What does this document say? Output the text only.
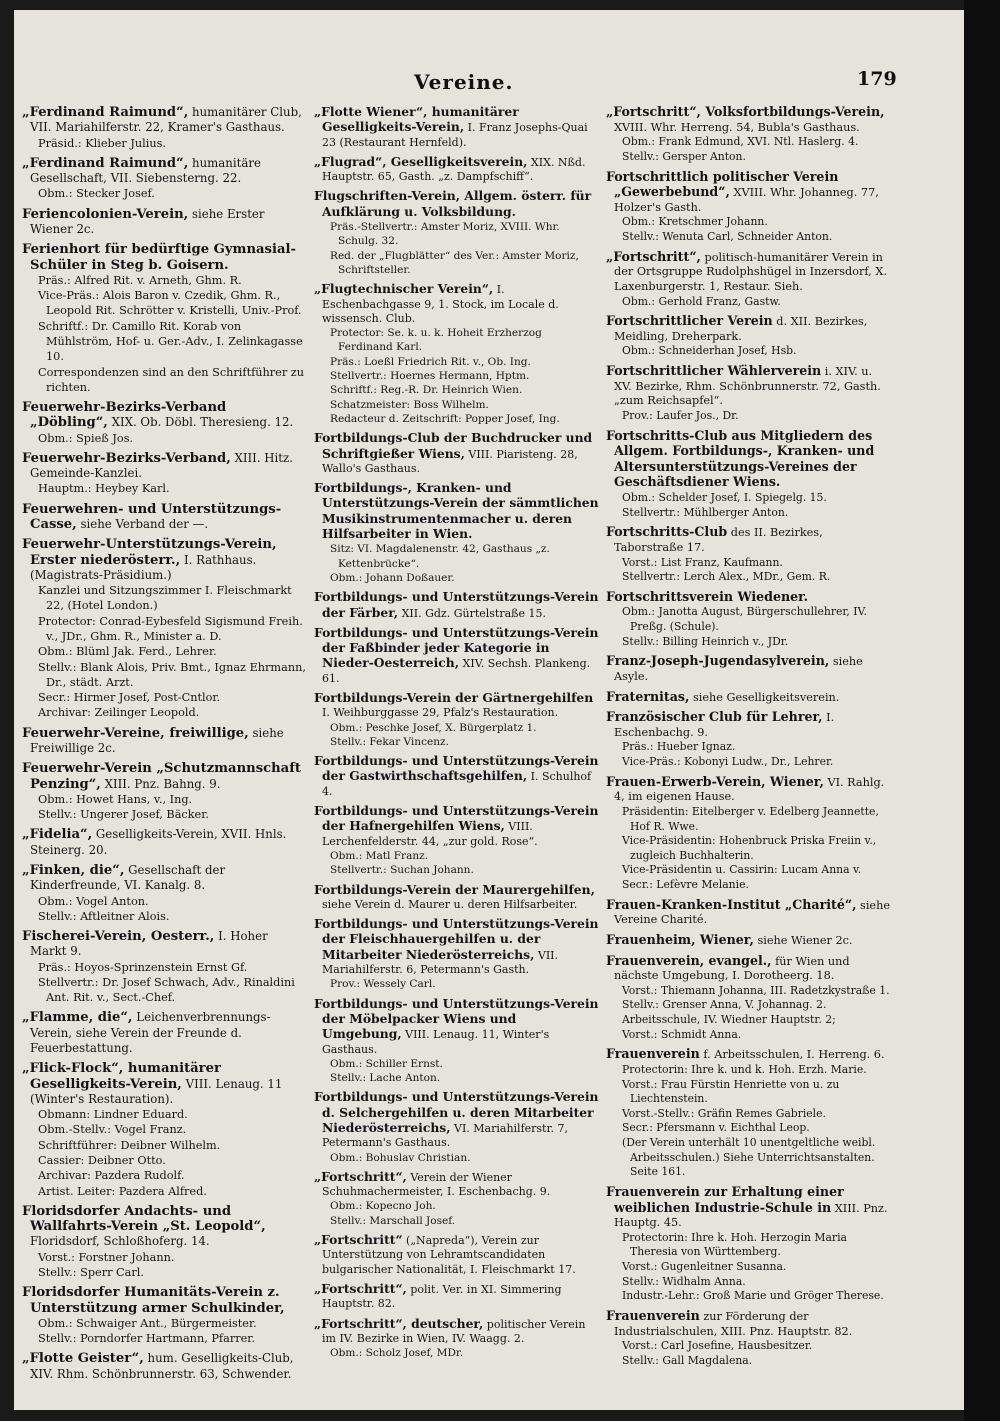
Vereine.	179
„Ferdinand Raimund“, humanitärer Club, VII. Mariahilferstr. 22, Kramer's Gasthaus.
Präsid.: Klieber Julius.
„Ferdinand Raimund“, humanitäre Gesellschaft, VII. Siebensterng. 22.
Obm.: Stecker Josef.
Feriencolonien-Verein, siehe Erster Wiener 2c.
Ferienhort für bedürftige Gymnasial-Schüler in Steg b. Goisern.
Präs.: Alfred Rit. v. Arneth, Ghm. R.
Vice-Präs.: Alois Baron v. Czedik, Ghm. R., Leopold Rit. Schrötter v. Kristelli, Univ.-Prof.
Schriftf.: Dr. Camillo Rit. Korab von Mühlström, Hof- u. Ger.-Adv., I. Zelinkagasse 10.
Correspondenzen sind an den Schriftführer zu richten.
Feuerwehr-Bezirks-Verband „Döbling“, XIX. Ob. Döbl. Theresieng. 12.
Obm.: Spieß Jos.
Feuerwehr-Bezirks-Verband, XIII. Hitz. Gemeinde-Kanzlei.
Hauptm.: Heybey Karl.
Feuerwehren- und Unterstützungs-Casse, siehe Verband der —.
Feuerwehr-Unterstützungs-Verein, Erster niederösterr., I. Rathhaus. (Magistrats-Präsidium.)
Kanzlei und Sitzungszimmer I. Fleischmarkt 22, (Hotel London.)
Protector: Conrad-Eybesfeld Sigismund Freih. v., JDr., Ghm. R., Minister a. D.
Obm.: Blüml Jak. Ferd., Lehrer.
Stellv.: Blank Alois, Priv. Bmt., Ignaz Ehrmann, Dr., städt. Arzt.
Secr.: Hirmer Josef, Post-Cntlor.
Archivar: Zeilinger Leopold.
Feuerwehr-Vereine, freiwillige, siehe Freiwillige 2c.
Feuerwehr-Verein „Schutzmannschaft Penzing“, XIII. Pnz. Bahng. 9.
Obm.: Howet Hans, v., Ing.
Stellv.: Ungerer Josef, Bäcker.
„Fidelia“, Geselligkeits-Verein, XVII. Hnls. Steinerg. 20.
„Finken, die“, Gesellschaft der Kinderfreunde, VI. Kanalg. 8.
Obm.: Vogel Anton.
Stellv.: Aftleitner Alois.
Fischerei-Verein, Oesterr., I. Hoher Markt 9.
Präs.: Hoyos-Sprinzenstein Ernst Gf.
Stellvertr.: Dr. Josef Schwach, Adv., Rinaldini Ant. Rit. v., Sect.-Chef.
„Flamme, die“, Leichenverbrennungs-Verein, siehe Verein der Freunde d. Feuerbestattung.
„Flick-Flock“, humanitärer Geselligkeits-Verein, VIII. Lenaug. 11 (Winter's Restauration).
Obmann: Lindner Eduard.
Obm.-Stellv.: Vogel Franz.
Schriftführer: Deibner Wilhelm.
Cassier: Deibner Otto.
Archivar: Pazdera Rudolf.
Artist. Leiter: Pazdera Alfred.
Floridsdorfer Andachts- und Wallfahrts-Verein „St. Leopold“, Floridsdorf, Schloßhoferg. 14.
Vorst.: Forstner Johann.
Stellv.: Sperr Carl.
Floridsdorfer Humanitäts-Verein z. Unterstützung armer Schulkinder,
Obm.: Schwaiger Ant., Bürgermeister.
Stellv.: Porndorfer Hartmann, Pfarrer.
„Flotte Geister“, hum. Geselligkeits-Club, XIV. Rhm. Schönbrunnerstr. 63, Schwender.
„Flotte Wiener“, humanitärer Geselligkeits-Verein, I. Franz Josephs-Quai 23 (Restaurant Hernfeld).
„Flugrad“, Geselligkeitsverein, XIX. Nßd. Hauptstr. 65, Gasth. „z. Dampfschiff“.
Flugschriften-Verein, Allgem. österr. für Aufklärung u. Volksbildung.
Präs.-Stellvertr.: Amster Moriz, XVIII. Whr. Schulg. 32.
Red. der „Flugblätter“ des Ver.: Amster Moriz, Schriftsteller.
„Flugtechnischer Verein“, I. Eschenbachgasse 9, 1. Stock, im Locale d. wissensch. Club.
Protector: Se. k. u. k. Hoheit Erzherzog Ferdinand Karl.
Präs.: Loeßl Friedrich Rit. v., Ob. Ing.
Stellvertr.: Hoernes Hermann, Hptm.
Schriftf.: Reg.-R. Dr. Heinrich Wien.
Schatzmeister: Boss Wilhelm.
Redacteur d. Zeitschrift: Popper Josef, Ing.
Fortbildungs-Club der Buchdrucker und Schriftgießer Wiens, VIII. Piaristeng. 28, Wallo's Gasthaus.
Fortbildungs-, Kranken- und Unterstützungs-Verein der sämmtlichen Musikinstrumentenmacher u. deren Hilfsarbeiter in Wien.
Sitz: VI. Magdalenenstr. 42, Gasthaus „z. Kettenbrücke“.
Obm.: Johann Doßauer.
Fortbildungs- und Unterstützungs-Verein der Färber, XII. Gdz. Gürtelstraße 15.
Fortbildungs- und Unterstützungs-Verein der Faßbinder jeder Kategorie in Nieder-Oesterreich, XIV. Sechsh. Plankeng. 61.
Fortbildungs-Verein der Gärtnergehilfen I. Weihburggasse 29, Pfalz's Restauration.
Obm.: Peschke Josef, X. Bürgerplatz 1.
Stellv.: Fekar Vincenz.
Fortbildungs- und Unterstützungs-Verein der Gastwirthschaftsgehilfen, I. Schulhof 4.
Fortbildungs- und Unterstützungs-Verein der Hafnergehilfen Wiens, VIII. Lerchenfelderstr. 44, „zur gold. Rose“.
Obm.: Matl Franz.
Stellvertr.: Suchan Johann.
Fortbildungs-Verein der Maurergehilfen, siehe Verein d. Maurer u. deren Hilfsarbeiter.
Fortbildungs- und Unterstützungs-Verein der Fleischhauergehilfen u. der Mitarbeiter Niederösterreichs, VII. Mariahilferstr. 6, Petermann's Gasth.
Prov.: Wessely Carl.
Fortbildungs- und Unterstützungs-Verein der Möbelpacker Wiens und Umgebung, VIII. Lenaug. 11, Winter's Gasthaus.
Obm.: Schiller Ernst.
Stellv.: Lache Anton.
Fortbildungs- und Unterstützungs-Verein d. Selchergehilfen u. deren Mitarbeiter Niederösterreichs, VI. Mariahilferstr. 7, Petermann's Gasthaus.
Obm.: Bohuslav Christian.
„Fortschritt“, Verein der Wiener Schuhmachermeister, I. Eschenbachg. 9.
Obm.: Kopecno Joh.
Stellv.: Marschall Josef.
„Fortschritt“ („Napreda“), Verein zur Unterstützung von Lehramtscandidaten bulgarischer Nationalität, I. Fleischmarkt 17.
„Fortschritt“, polit. Ver. in XI. Simmering Hauptstr. 82.
„Fortschritt“, deutscher, politischer Verein im IV. Bezirke in Wien, IV. Waagg. 2.
Obm.: Scholz Josef, MDr.
„Fortschritt“, Volksfortbildungs-Verein, XVIII. Whr. Herreng. 54, Bubla's Gasthaus.
Obm.: Frank Edmund, XVI. Ntl. Haslerg. 4.
Stellv.: Gersper Anton.
Fortschrittlich politischer Verein „Gewerbebund“, XVIII. Whr. Johanneg. 77, Holzer's Gasth.
Obm.: Kretschmer Johann.
Stellv.: Wenuta Carl, Schneider Anton.
„Fortschritt“, politisch-humanitärer Verein in der Ortsgruppe Rudolphshügel in Inzersdorf, X. Laxenburgerstr. 1, Restaur. Sieh.
Obm.: Gerhold Franz, Gastw.
Fortschrittlicher Verein d. XII. Bezirkes, Meidling, Dreherpark.
Obm.: Schneiderhan Josef, Hsb.
Fortschrittlicher Wählerverein i. XIV. u. XV. Bezirke, Rhm. Schönbrunnerstr. 72, Gasth. „zum Reichsapfel“.
Prov.: Laufer Jos., Dr.
Fortschritts-Club aus Mitgliedern des Allgem. Fortbildungs-, Kranken- und Altersunterstützungs-Vereines der Geschäftsdiener Wiens.
Obm.: Schelder Josef, I. Spiegelg. 15.
Stellvertr.: Mühlberger Anton.
Fortschritts-Club des II. Bezirkes, Taborstraße 17.
Vorst.: List Franz, Kaufmann.
Stellvertr.: Lerch Alex., MDr., Gem. R.
Fortschrittsverein Wiedener.
Obm.: Janotta August, Bürgerschullehrer, IV. Preßg. (Schule).
Stellv.: Billing Heinrich v., JDr.
Franz-Joseph-Jugendasylverein, siehe Asyle.
Fraternitas, siehe Geselligkeitsverein.
Französischer Club für Lehrer, I. Eschenbachg. 9.
Präs.: Hueber Ignaz.
Vice-Präs.: Kobonyi Ludw., Dr., Lehrer.
Frauen-Erwerb-Verein, Wiener, VI. Rahlg. 4, im eigenen Hause.
Präsidentin: Eitelberger v. Edelberg Jeannette, Hof R. Wwe.
Vice-Präsidentin: Hohenbruck Priska Freiin v., zugleich Buchhalterin.
Vice-Präsidentin u. Cassirin: Lucam Anna v.
Secr.: Lefèvre Melanie.
Frauen-Kranken-Institut „Charité“, siehe Vereine Charité.
Frauenheim, Wiener, siehe Wiener 2c.
Frauenverein, evangel., für Wien und nächste Umgebung, I. Dorotheerg. 18.
Vorst.: Thiemann Johanna, III. Radetzkystraße 1.
Stellv.: Grenser Anna, V. Johannag. 2.
Arbeitsschule, IV. Wiedner Hauptstr. 2;
Vorst.: Schmidt Anna.
Frauenverein f. Arbeitsschulen, I. Herreng. 6.
Protectorin: Ihre k. und k. Hoh. Erzh. Marie.
Vorst.: Frau Fürstin Henriette von u. zu Liechtenstein.
Vorst.-Stellv.: Gräfin Remes Gabriele.
Secr.: Pfersmann v. Eichthal Leop.
(Der Verein unterhält 10 unentgeltliche weibl. Arbeitsschulen.) Siehe Unterrichtsanstalten. Seite 161.
Frauenverein zur Erhaltung einer weiblichen Industrie-Schule in XIII. Pnz. Hauptg. 45.
Protectorin: Ihre k. Hoh. Herzogin Maria Theresia von Württemberg.
Vorst.: Gugenleitner Susanna.
Stellv.: Widhalm Anna.
Industr.-Lehr.: Groß Marie und Gröger Therese.
Frauenverein zur Förderung der Industrialschulen, XIII. Pnz. Hauptstr. 82.
Vorst.: Carl Josefine, Hausbesitzer.
Stellv.: Gall Magdalena.
